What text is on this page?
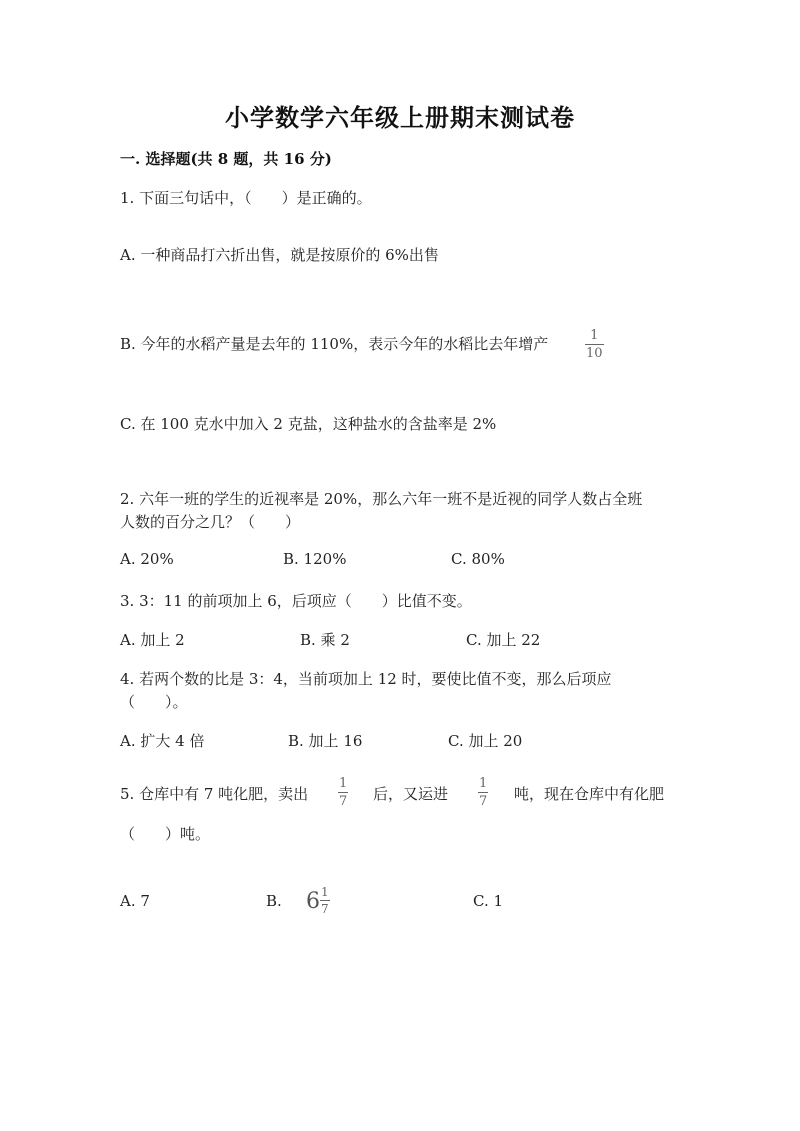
小学数学六年级上册期末测试卷
一. 选择题(共 8 题，共 16 分)
1. 下面三句话中，（　　）是正确的。
A. 一种商品打六折出售，就是按原价的 6%出售
B. 今年的水稻产量是去年的 110%，表示今年的水稻比去年增产	1
10
C. 在 100 克水中加入 2 克盐，这种盐水的含盐率是 2%
2. 六年一班的学生的近视率是 20%，那么六年一班不是近视的同学人数占全班
人数的百分之几？（　　）
A. 20%	B. 120%	C. 80%
3. 3：11 的前项加上 6，后项应（　　）比值不变。
A. 加上 2	B. 乘 2	C. 加上 22
4. 若两个数的比是 3：4，当前项加上 12 时，要使比值不变，那么后项应
（　　）。
A. 扩大 4 倍	B. 加上 16	C. 加上 20
5. 仓库中有 7 吨化肥，卖出
1
7 后，又运进
1
7 吨，现在仓库中有化肥
（　　）吨。
A. 7	B. 6 1
7	C. 1
